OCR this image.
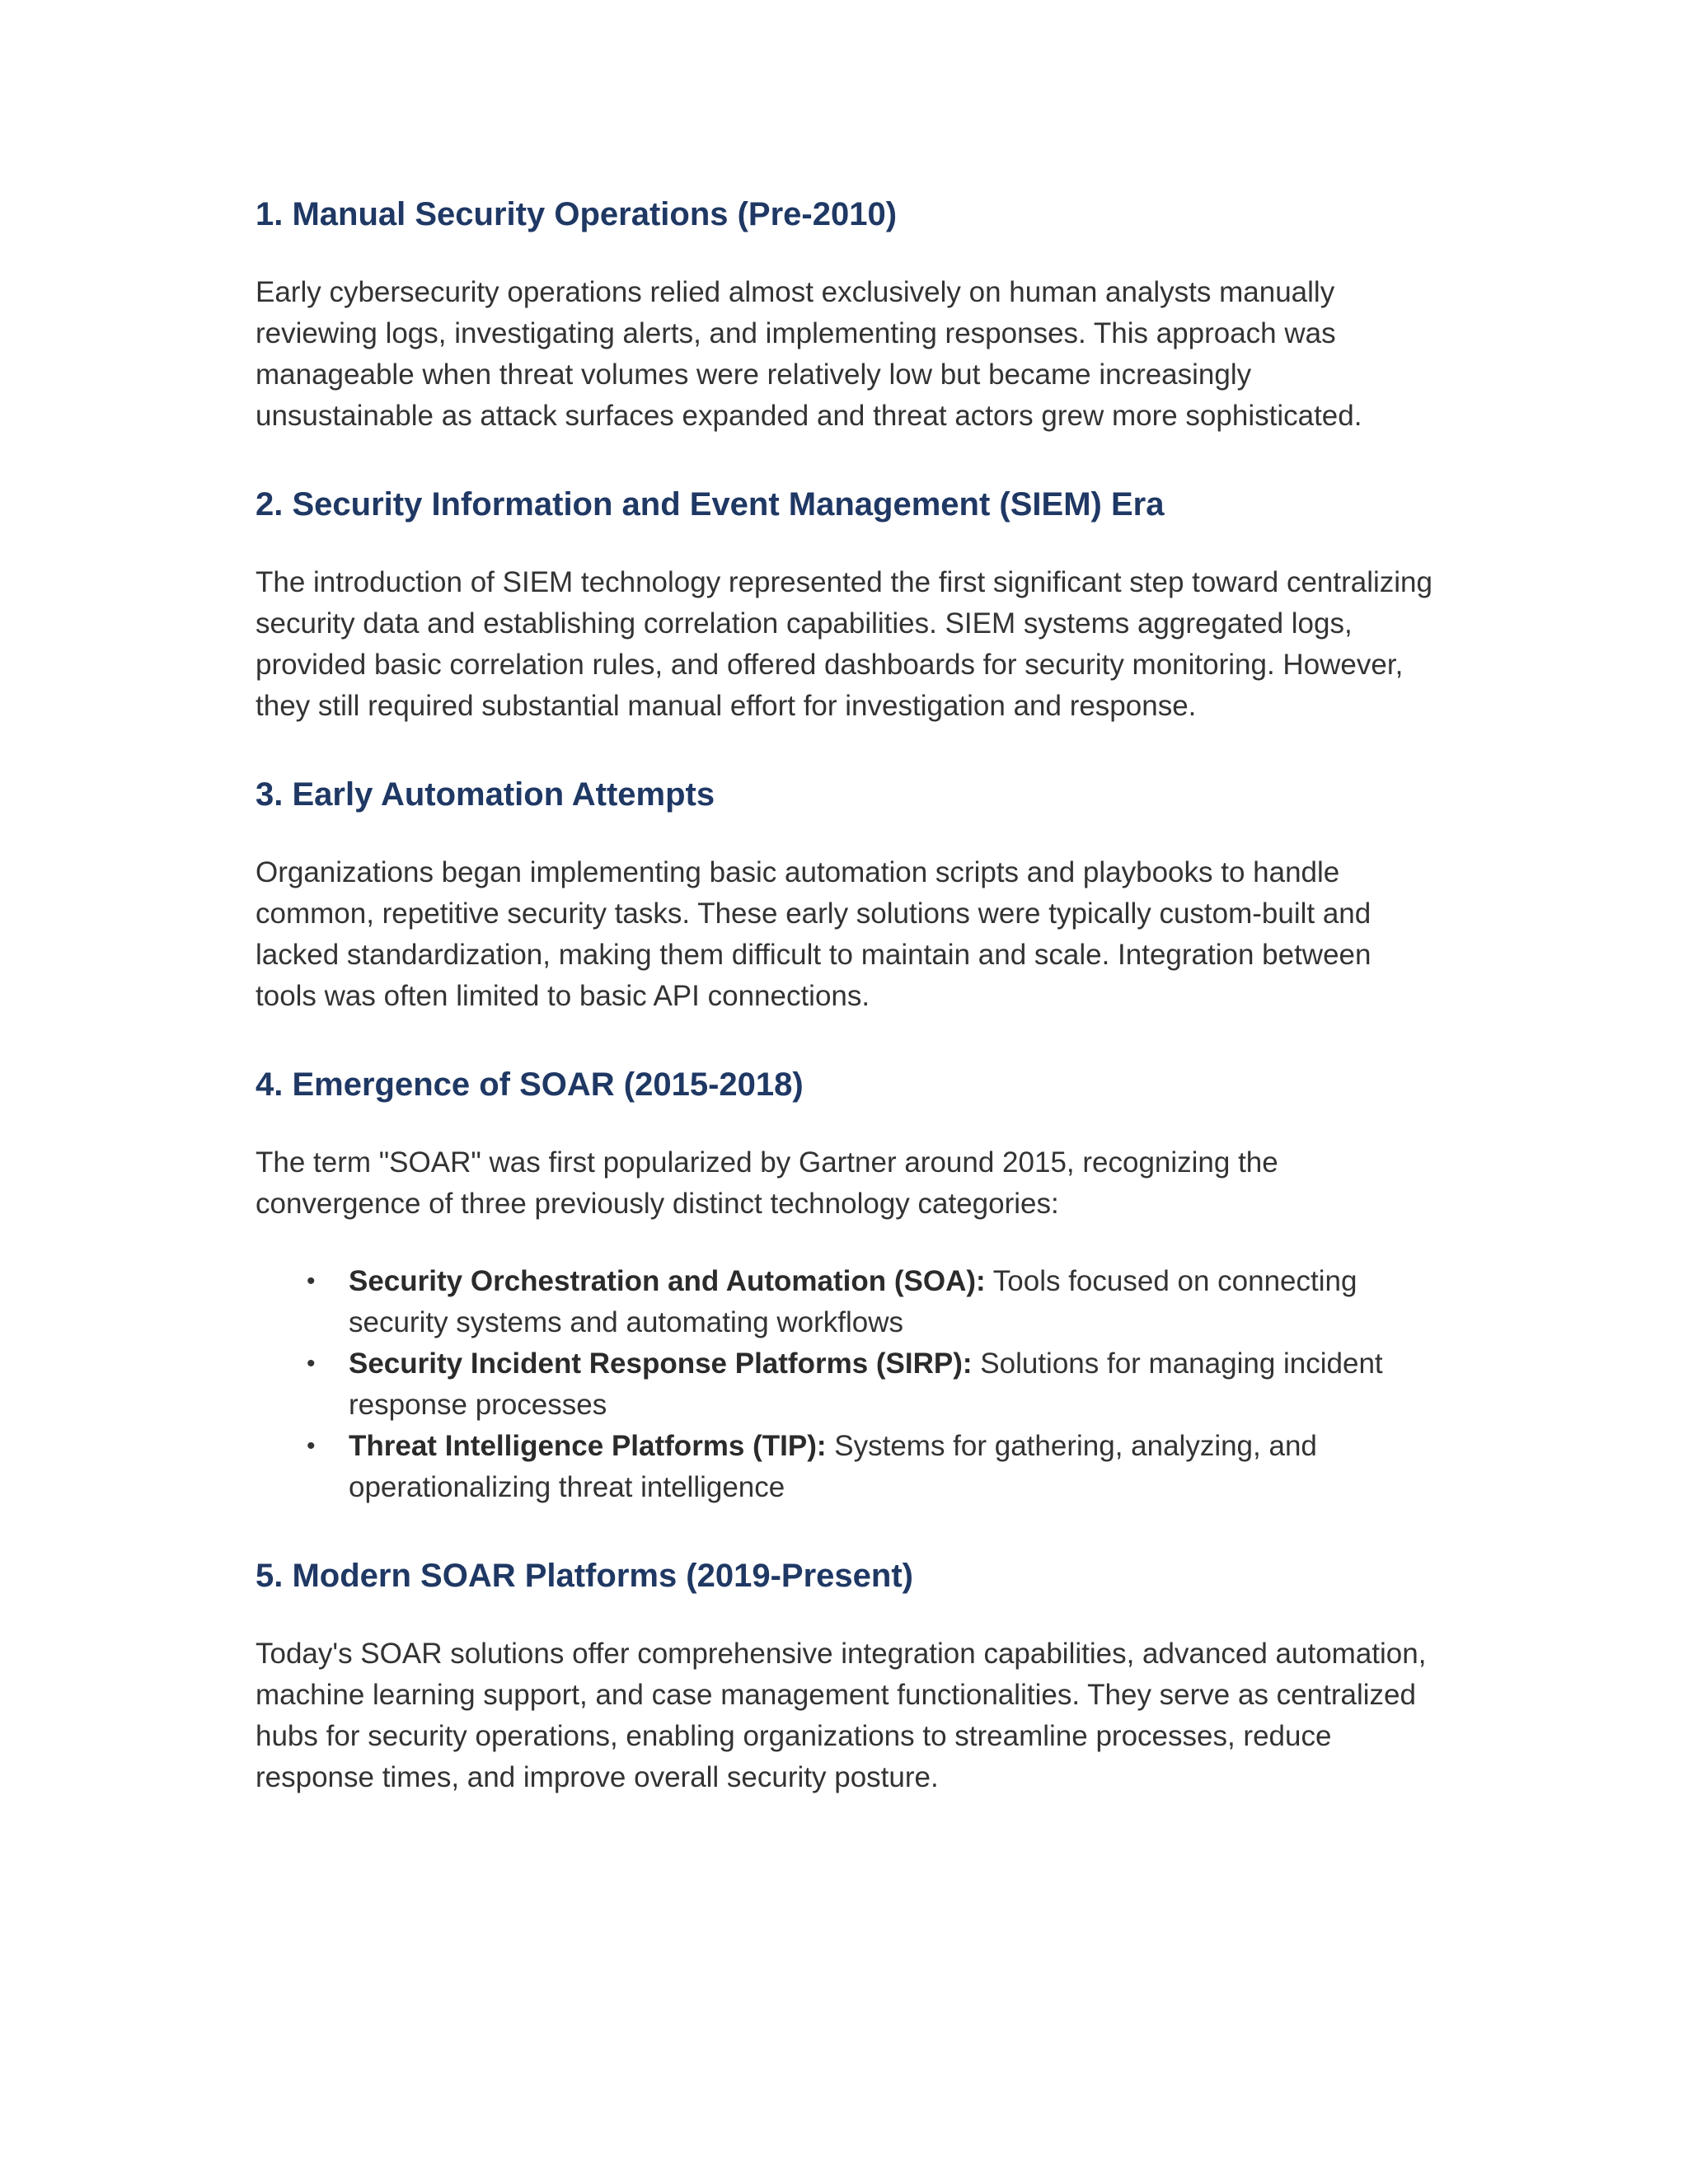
1. Manual Security Operations (Pre-2010)

Early cybersecurity operations relied almost exclusively on human analysts manually reviewing logs, investigating alerts, and implementing responses. This approach was manageable when threat volumes were relatively low but became increasingly unsustainable as attack surfaces expanded and threat actors grew more sophisticated.

2. Security Information and Event Management (SIEM) Era

The introduction of SIEM technology represented the first significant step toward centralizing security data and establishing correlation capabilities. SIEM systems aggregated logs, provided basic correlation rules, and offered dashboards for security monitoring. However, they still required substantial manual effort for investigation and response.

3. Early Automation Attempts

Organizations began implementing basic automation scripts and playbooks to handle common, repetitive security tasks. These early solutions were typically custom-built and lacked standardization, making them difficult to maintain and scale. Integration between tools was often limited to basic API connections.

4. Emergence of SOAR (2015-2018)

The term "SOAR" was first popularized by Gartner around 2015, recognizing the convergence of three previously distinct technology categories:

• Security Orchestration and Automation (SOA): Tools focused on connecting security systems and automating workflows
• Security Incident Response Platforms (SIRP): Solutions for managing incident response processes
• Threat Intelligence Platforms (TIP): Systems for gathering, analyzing, and operationalizing threat intelligence
5. Modern SOAR Platforms (2019-Present)

Today's SOAR solutions offer comprehensive integration capabilities, advanced automation, machine learning support, and case management functionalities. They serve as centralized hubs for security operations, enabling organizations to streamline processes, reduce response times, and improve overall security posture.
